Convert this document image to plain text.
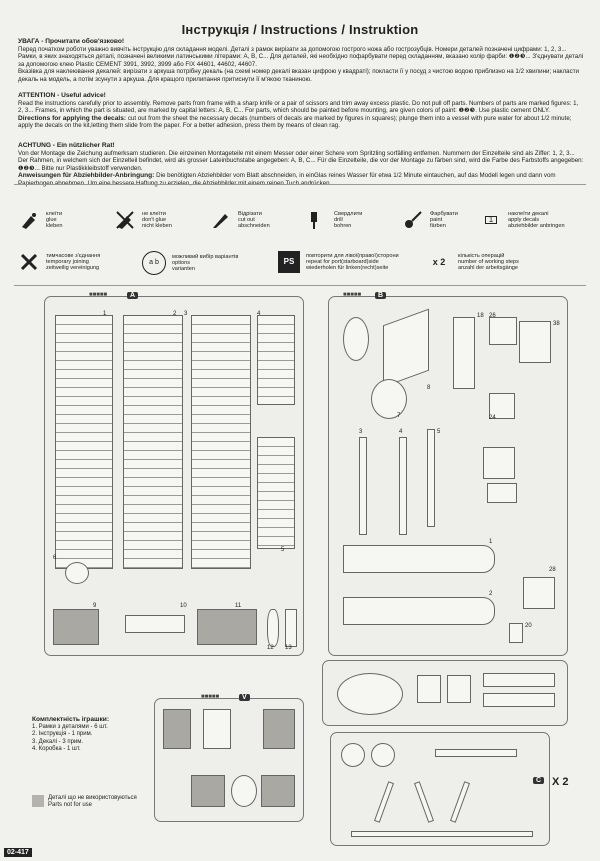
Інструкція / Instructions / Instruktion
УВАГА - Прочитати обов'язково!
Перед початком роботи уважно вивчіть інструкцію для складання моделі. Деталі з рамок вирізати за допомогою гострого ножа або гострозубців. Номери деталей позначені цифрами: 1, 2, 3... Рамки, в яких знаходяться деталі, позначені великими латинськими літерами: A, B, C... Для деталей, які необхідно пофарбувати перед складанням, вказано колір фарби: ❶❷❸... З'єднувати деталі за допомогою клею Plastic CEMENT 3991, 3992, 3999 або FIX 44601, 44602, 44607.
Вказівка для наклеювання декалей: вирізати з аркуша потрібну декаль (на схемі номер декалі вказан цифрою у квадраті); покласти її у посуд з чистою водою приблизно на 1/2 хвилини; накласти декаль на модель, а потім зсунути з аркуша. Для кращого прилипання притиснути її м'якою тканиною.
ATTENTION - Useful advice!
Read the instructions carefully prior to assembly. Remove parts from frame with a sharp knife or a pair of scissors and trim away excess plastic. Do not pull off parts. Numbers of parts are marked figures: 1, 2, 3... Frames, in which the part is situated, are marked by capital letters: A, B, C... For parts, which should be painted before mounting, are given colors of paint: ❶❷❸. Use plastic cement ONLY.
Directions for applying the decals: cut out from the sheet the necessary decals (numbers of decals are marked by figures in squares); plunge them into a vessel with pure water for about 1/2 minute; apply the decals on the kit,letting them slide from the paper. For a better adhesion, press them by means of clean rag.
ACHTUNG - Ein nützlicher Rat!
Von der Montage die Zeichung aufmerksam studieren. Die einzeinen Montageteile mit einem Messer oder einer Schere vom Spritzling sorfälling entfemen. Nummern der Einzelteile sind als Ziffer: 1, 2, 3... Der Rahmen, in welchem sich der Einzelteil befindet, wird als grosser Lateinbuchstabe angegeben: A, B, C... Für die Einzelteile, die vor der Montage zu färben sind, wird die Farbe des Farbstoffs angegeben: ❶❷❸... Bitte nur Plastikkleibstoff verwenden.
Anweisungen für Abziehbilder-Anbringung: Die benötigten Abziehbilder vom Blatt abschneiden, in einGlas reines Wasser für etwa 1/2 Minute eintauchen, auf das Modell legen und dann vom Papierbogen abnehmen. Um eine bessere Haftung zu erzielen, die Abziehbilder mit einem reinen Tuch andrücken.
клеїти
glue
kleben
не клеїти
don't glue
nicht kleben
Відрізати
cut out
abschneiden
Свердлити
drill
bohren
Фарбувати
paint
färben
1
наклеїти декалі
apply decals
abziehbilder anbringen
тимчасове з'єднання
temporary joining
zeitweilig vereinigung
a b
можливий вибір варіантів
options
varianten
PS
повторити для лівої(правої)сторони
repeat for port(starboard)side
wiederholen für linken(recht)seite
x 2
кількість операцій
number of working steps
anzahl der arbeitsgänge
■■■■■	A
1	2 3	4
5
6
9	10	11
12 13
■■■■■	B
8
7
18 26
38
24
3	4	5
1
2
28
20
■■■■■	V
C X 2
Комплектність іграшки:
1. Рамки з деталями - 6 шт.
2. Інструкція - 1 прим.
3. Декалі - 3 прим.
4. Коробка - 1 шт.
Деталі що не використовуються
Parts not for use
02-417
